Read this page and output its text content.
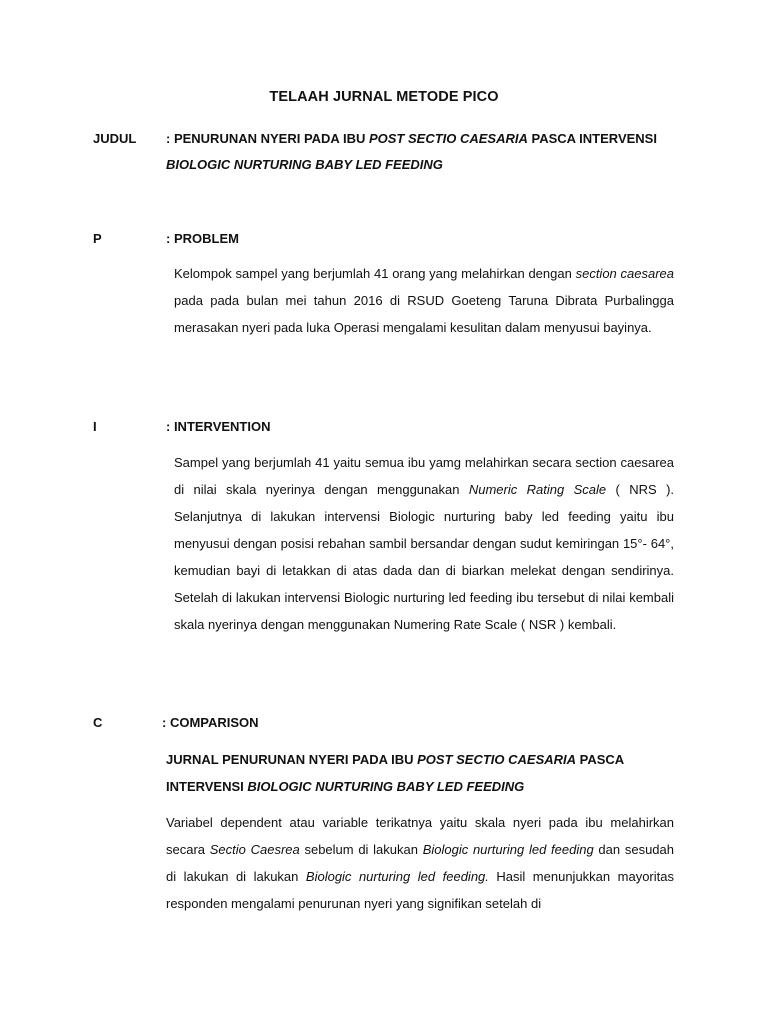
TELAAH JURNAL METODE PICO
JUDUL : PENURUNAN NYERI PADA IBU POST SECTIO CAESARIA PASCA INTERVENSI
BIOLOGIC NURTURING BABY LED FEEDING
P	: PROBLEM
Kelompok sampel yang berjumlah 41 orang yang melahirkan dengan section caesarea pada pada bulan mei tahun 2016 di RSUD Goeteng Taruna Dibrata Purbalingga merasakan nyeri pada luka Operasi mengalami kesulitan dalam menyusui bayinya.
I	: INTERVENTION
Sampel yang berjumlah 41 yaitu semua ibu yamg melahirkan secara section caesarea di nilai skala nyerinya dengan menggunakan Numeric Rating Scale ( NRS ). Selanjutnya di lakukan intervensi Biologic nurturing baby led feeding yaitu ibu menyusui dengan posisi rebahan sambil bersandar dengan sudut kemiringan 15°- 64°, kemudian bayi di letakkan di atas dada dan di biarkan melekat dengan sendirinya. Setelah di lakukan intervensi Biologic nurturing led feeding ibu tersebut di nilai kembali skala nyerinya dengan menggunakan Numering Rate Scale ( NSR ) kembali.
C	: COMPARISON
JURNAL PENURUNAN NYERI PADA IBU POST SECTIO CAESARIA PASCA
INTERVENSI BIOLOGIC NURTURING BABY LED FEEDING
Variabel dependent atau variable terikatnya yaitu skala nyeri pada ibu melahirkan secara Sectio Caesrea sebelum di lakukan Biologic nurturing led feeding dan sesudah di lakukan di lakukan Biologic nurturing led feeding. Hasil menunjukkan mayoritas responden mengalami penurunan nyeri yang signifikan setelah di
